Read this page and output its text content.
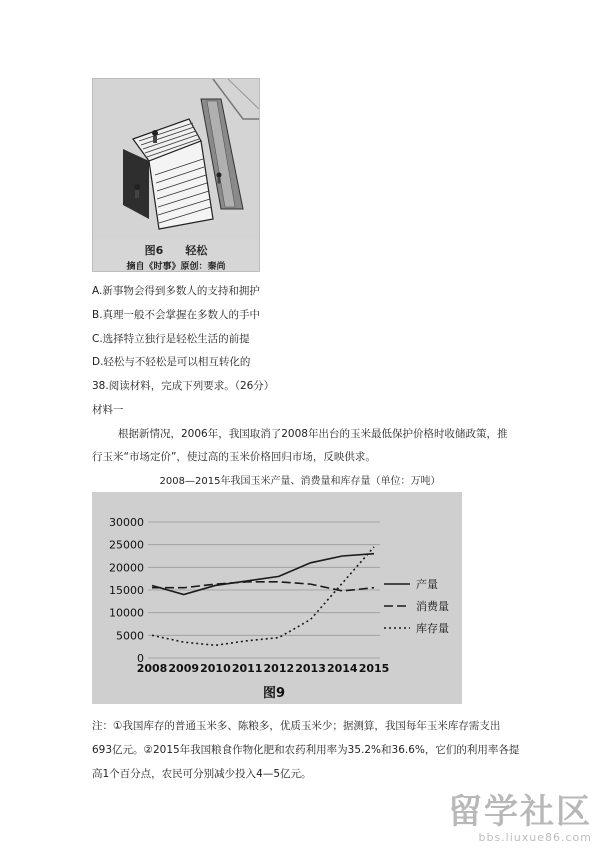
图6　　轻松
摘自《时事》原创：秦尚
A.新事物会得到多数人的支持和拥护
B.真理一般不会掌握在多数人的手中
C.选择特立独行是轻松生活的前提
D.轻松与不轻松是可以相互转化的
38.阅读材料，完成下列要求。（26分）
材料一
根据新情况，2006年，我国取消了2008年出台的玉米最低保护价格时收储政策，推
行玉米“市场定价”，使过高的玉米价格回归市场，反映供求。
2008—2015年我国玉米产量、消费量和库存量（单位：万吨）
0
5000
10000
15000
20000
25000
30000
2008 2009 2010 2011 2012 2013 2014 2015
产量
消费量
库存量
图9
注：①我国库存的普通玉米多、陈粮多，优质玉米少；据测算，我国每年玉米库存需支出
693亿元。②2015年我国粮食作物化肥和农药利用率为35.2%和36.6%，它们的利用率各提
高1个百分点，农民可分别减少投入4—5亿元。
留学社区
bbs.liuxue86.com
